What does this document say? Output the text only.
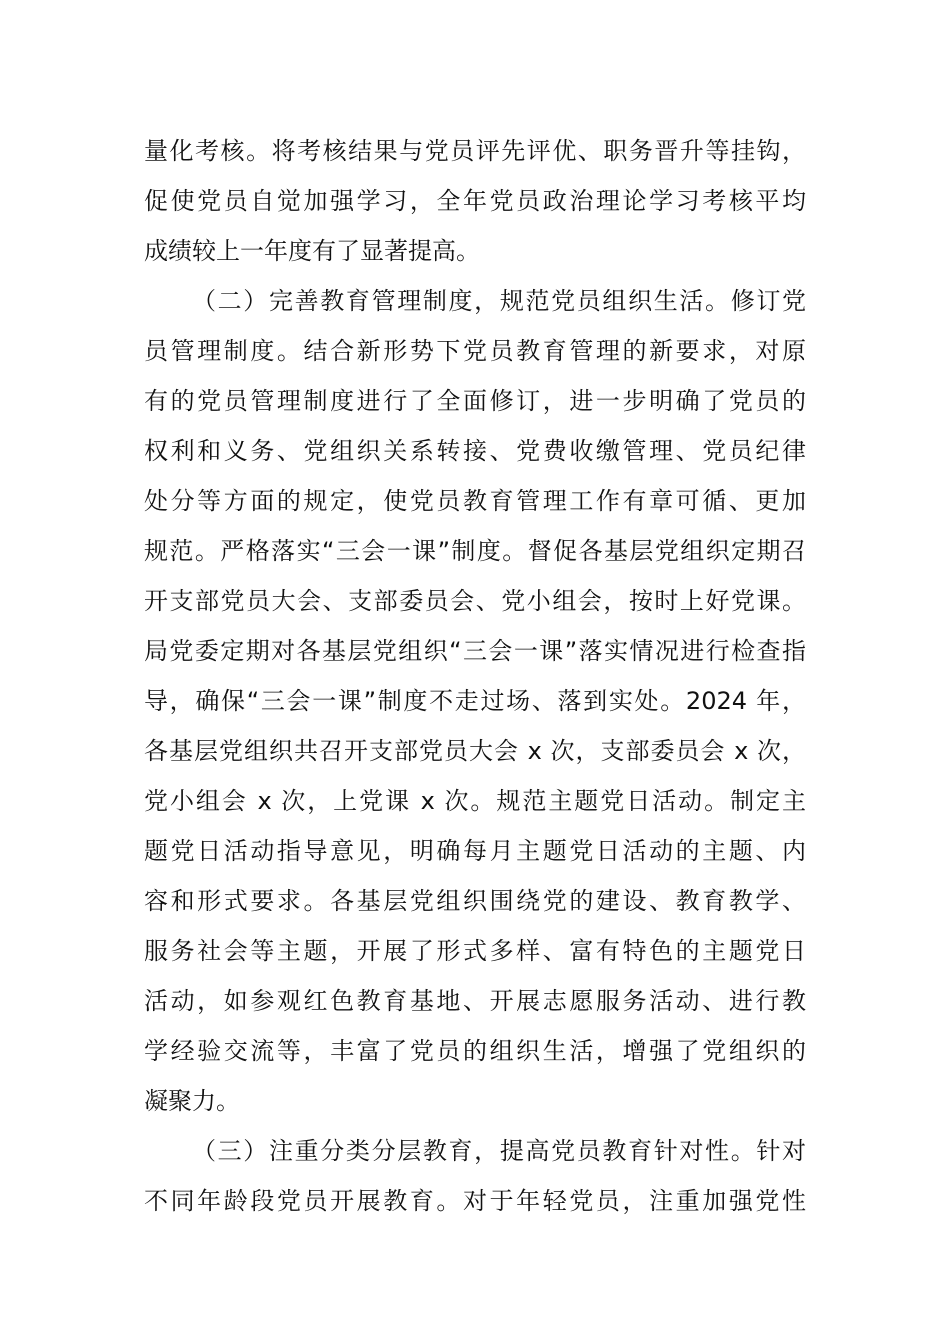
量化考核。将考核结果与党员评先评优、职务晋升等挂钩，
促使党员自觉加强学习，全年党员政治理论学习考核平均
成绩较上一年度有了显著提高。
（二）完善教育管理制度，规范党员组织生活。修订党
员管理制度。结合新形势下党员教育管理的新要求，对原
有的党员管理制度进行了全面修订，进一步明确了党员的
权利和义务、党组织关系转接、党费收缴管理、党员纪律
处分等方面的规定，使党员教育管理工作有章可循、更加
规范。严格落实“三会一课”制度。督促各基层党组织定期召
开支部党员大会、支部委员会、党小组会，按时上好党课。
局党委定期对各基层党组织“三会一课”落实情况进行检查指
导，确保“三会一课”制度不走过场、落到实处。2024 年，
各基层党组织共召开支部党员大会 x 次，支部委员会 x 次，
党小组会 x 次，上党课 x 次。规范主题党日活动。制定主
题党日活动指导意见，明确每月主题党日活动的主题、内
容和形式要求。各基层党组织围绕党的建设、教育教学、
服务社会等主题，开展了形式多样、富有特色的主题党日
活动，如参观红色教育基地、开展志愿服务活动、进行教
学经验交流等，丰富了党员的组织生活，增强了党组织的
凝聚力。
（三）注重分类分层教育，提高党员教育针对性。针对
不同年龄段党员开展教育。对于年轻党员，注重加强党性
